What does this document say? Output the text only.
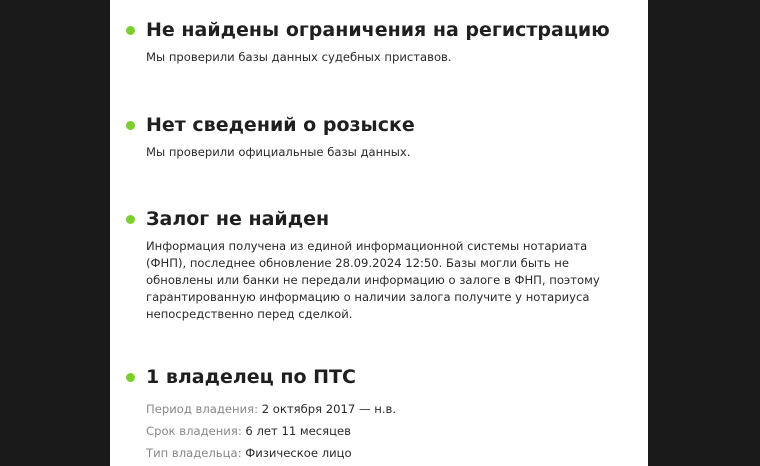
Не найдены ограничения на регистрацию
Мы проверили базы данных судебных приставов.
Нет сведений о розыске
Мы проверили официальные базы данных.
Залог не найден
Информация получена из единой информационной системы нотариата (ФНП), последнее обновление 28.09.2024 12:50. Базы могли быть не обновлены или банки не передали информацию о залоге в ФНП, поэтому гарантированную информацию о наличии залога получите у нотариуса непосредственно перед сделкой.
1 владелец по ПТС
Период владения: 2 октября 2017 — н.в.
Срок владения: 6 лет 11 месяцев
Тип владельца: Физическое лицо
